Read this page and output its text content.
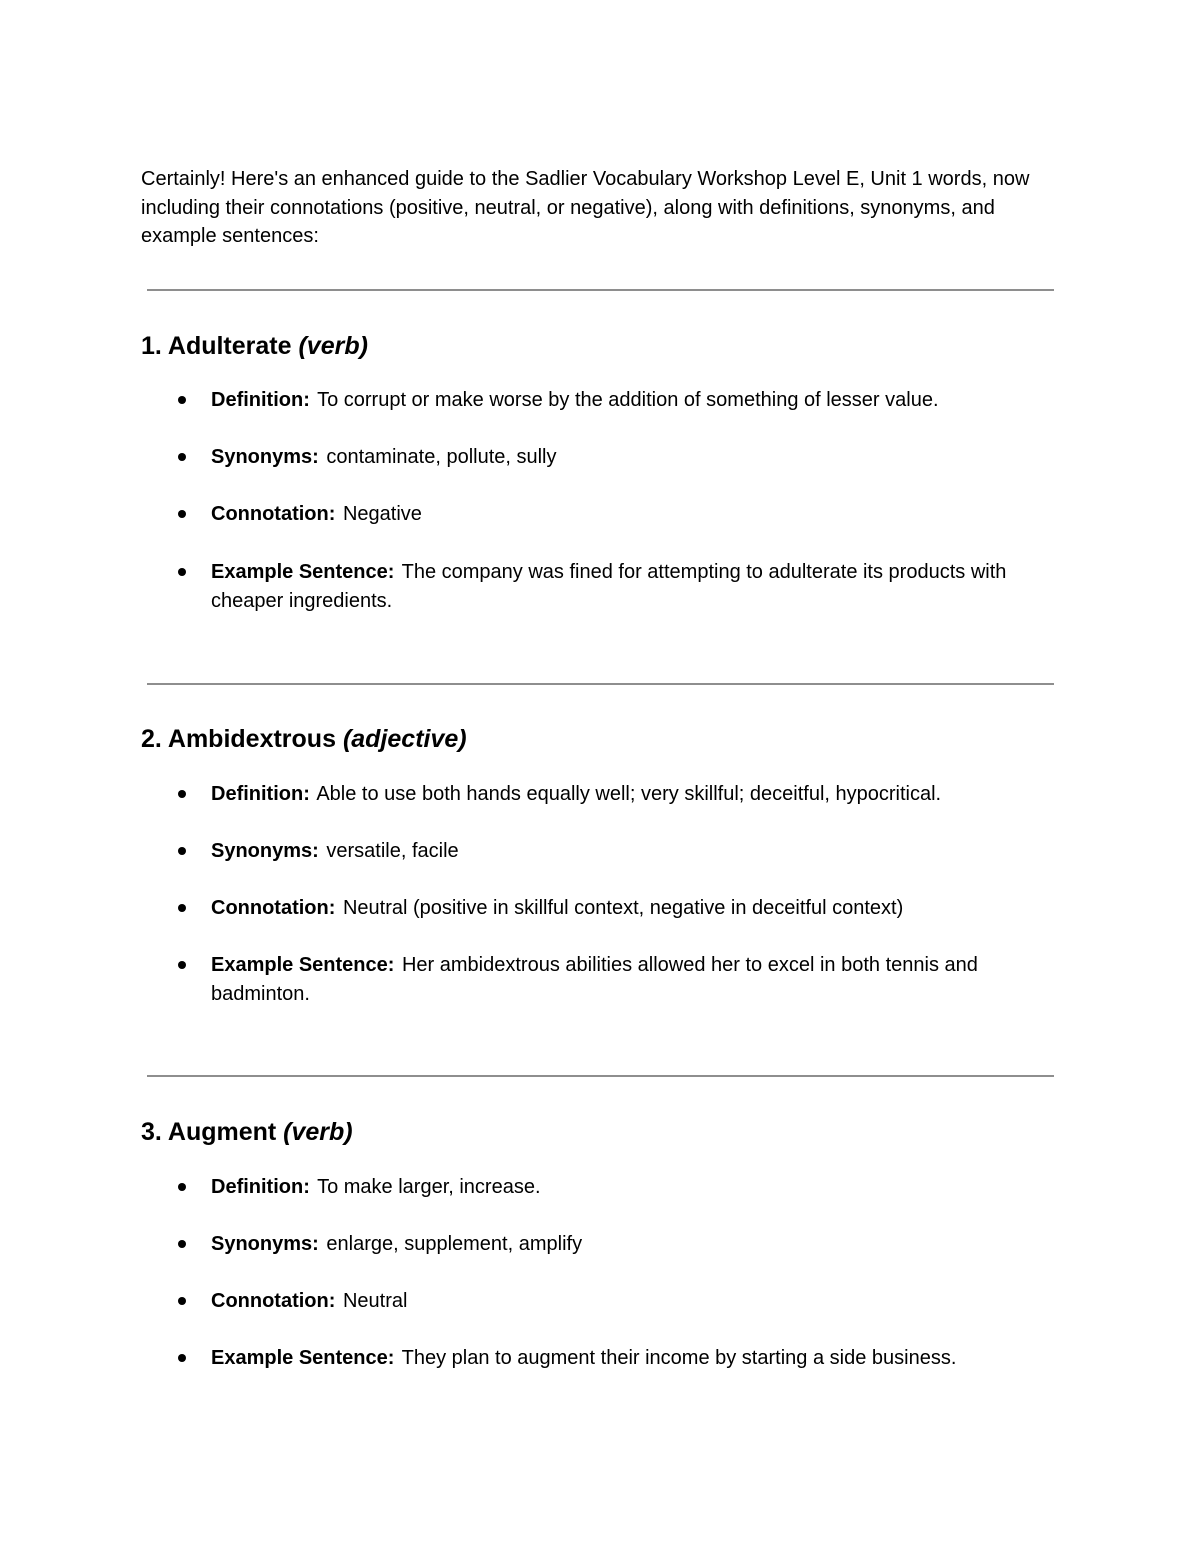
Certainly! Here's an enhanced guide to the Sadlier Vocabulary Workshop Level E, Unit 1 words, now including their connotations (positive, neutral, or negative), along with definitions, synonyms, and example sentences:

1. Adulterate (verb)
Definition: To corrupt or make worse by the addition of something of lesser value.
Synonyms: contaminate, pollute, sully
Connotation: Negative
Example Sentence: The company was fined for attempting to adulterate its products with cheaper ingredients.
2. Ambidextrous (adjective)
Definition: Able to use both hands equally well; very skillful; deceitful, hypocritical.
Synonyms: versatile, facile
Connotation: Neutral (positive in skillful context, negative in deceitful context)
Example Sentence: Her ambidextrous abilities allowed her to excel in both tennis and badminton.
3. Augment (verb)
Definition: To make larger, increase.
Synonyms: enlarge, supplement, amplify
Connotation: Neutral
Example Sentence: They plan to augment their income by starting a side business.
